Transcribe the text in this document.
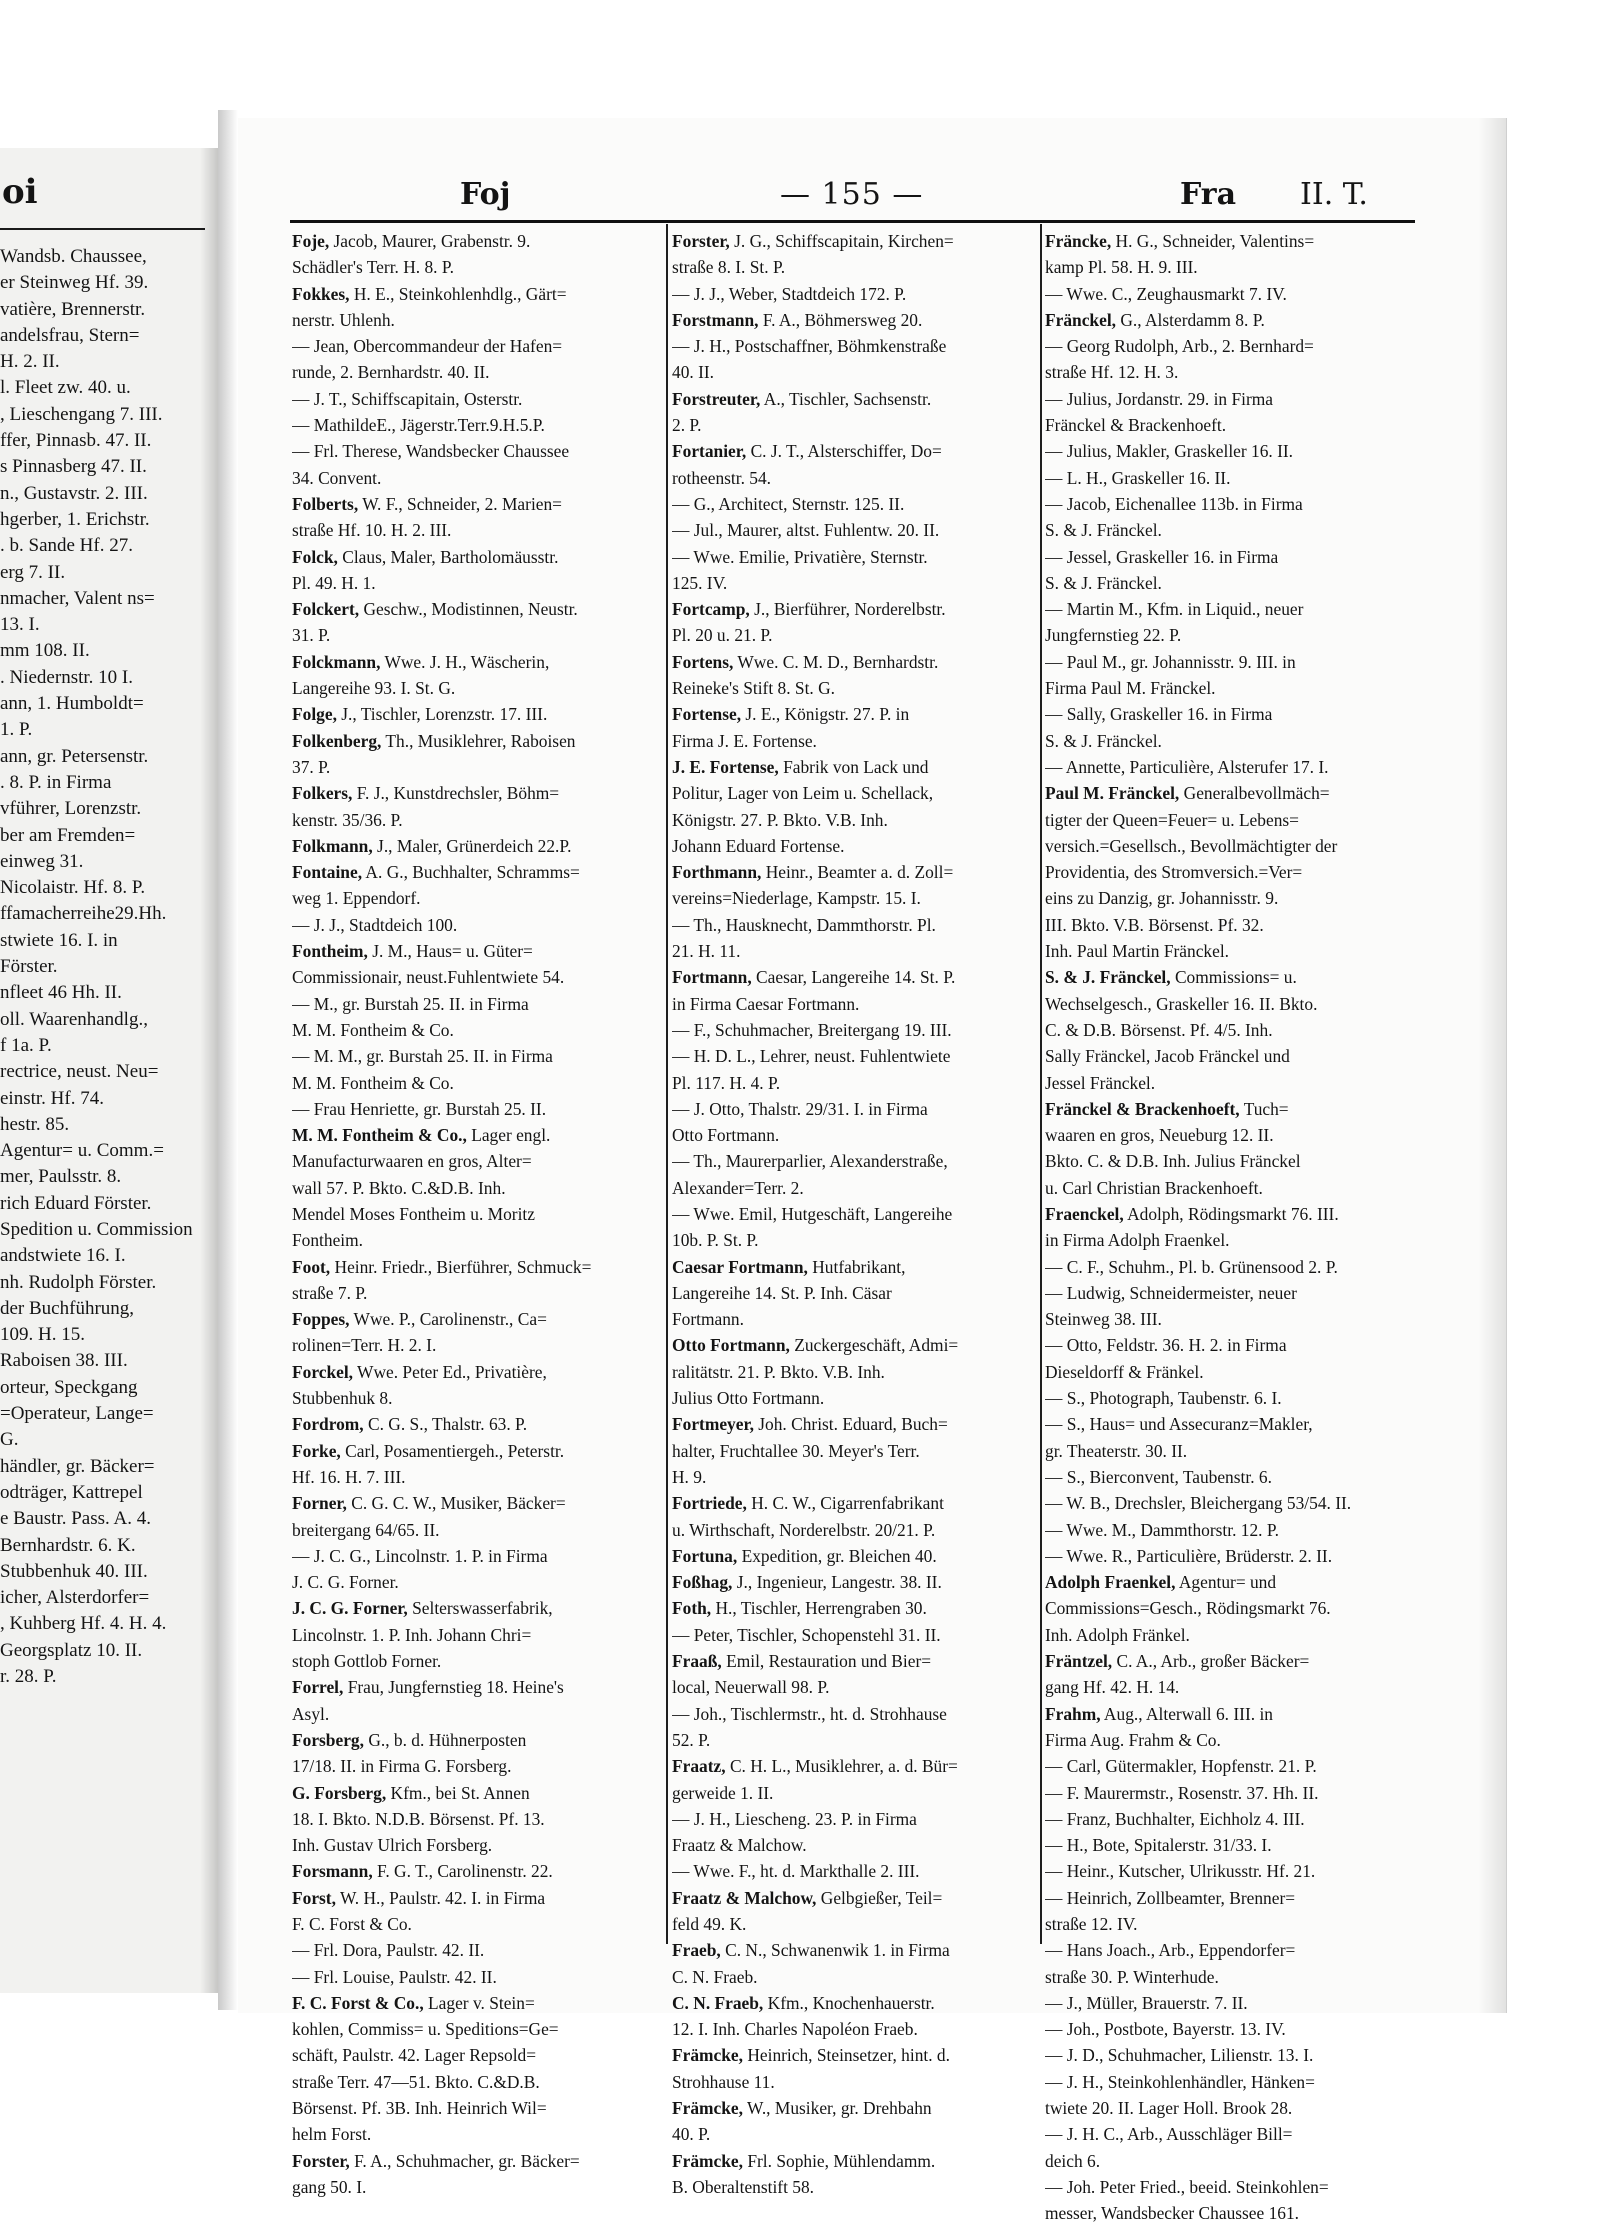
oi
Wandsb. Chaussee,
er Steinweg Hf. 39.
vatière, Brennerstr.
andelsfrau, Stern=
H. 2. II.
l. Fleet zw. 40. u.
, Lieschengang 7. III.
ffer, Pinnasb. 47. II.
s Pinnasberg 47. II.
n., Gustavstr. 2. III.
hgerber, 1. Erichstr.
. b. Sande Hf. 27.
erg 7. II.
nmacher, Valent ns=
13. I.
mm 108. II.
. Niedernstr. 10 I.
ann, 1. Humboldt=
1. P.
ann, gr. Petersenstr.
. 8. P. in Firma
vführer, Lorenzstr.
ber am Fremden=
einweg 31.
Nicolaistr. Hf. 8. P.
ffamacherreihe29.Hh.
stwiete 16. I. in
Förster.
nfleet 46 Hh. II.
oll. Waarenhandlg.,
f 1a. P.
rectrice, neust. Neu=
einstr. Hf. 74.
hestr. 85.
Agentur= u. Comm.=
mer, Paulsstr. 8.
rich Eduard Förster.
Spedition u. Commission
andstwiete 16. I.
nh. Rudolph Förster.
der Buchführung,
109. H. 15.
Raboisen 38. III.
orteur, Speckgang
=Operateur, Lange=
G.
händler, gr. Bäcker=
odträger, Kattrepel
e Baustr. Pass. A. 4.
Bernhardstr. 6. K.
Stubbenhuk 40. III.
icher, Alsterdorfer=
, Kuhberg Hf. 4. H. 4.
Georgsplatz 10. II.
r. 28. P.
Foj	— 155 —	Fra II. T.
Foje, Jacob, Maurer, Grabenstr. 9.
Schädler's Terr. H. 8. P.
Fokkes, H. E., Steinkohlenhdlg., Gärt=
nerstr. Uhlenh.
— Jean, Obercommandeur der Hafen=
runde, 2. Bernhardstr. 40. II.
— J. T., Schiffscapitain, Osterstr.
— MathildeE., Jägerstr.Terr.9.H.5.P.
— Frl. Therese, Wandsbecker Chaussee
34. Convent.
Folberts, W. F., Schneider, 2. Marien=
straße Hf. 10. H. 2. III.
Folck, Claus, Maler, Bartholomäusstr.
Pl. 49. H. 1.
Folckert, Geschw., Modistinnen, Neustr.
31. P.
Folckmann, Wwe. J. H., Wäscherin,
Langereihe 93. I. St. G.
Folge, J., Tischler, Lorenzstr. 17. III.
Folkenberg, Th., Musiklehrer, Raboisen
37. P.
Folkers, F. J., Kunstdrechsler, Böhm=
kenstr. 35/36. P.
Folkmann, J., Maler, Grünerdeich 22.P.
Fontaine, A. G., Buchhalter, Schramms=
weg 1. Eppendorf.
— J. J., Stadtdeich 100.
Fontheim, J. M., Haus= u. Güter=
Commissionair, neust.Fuhlentwiete 54.
— M., gr. Burstah 25. II. in Firma
M. M. Fontheim & Co.
— M. M., gr. Burstah 25. II. in Firma
M. M. Fontheim & Co.
— Frau Henriette, gr. Burstah 25. II.
M. M. Fontheim & Co., Lager engl.
Manufacturwaaren en gros, Alter=
wall 57. P. Bkto. C.&D.B. Inh.
Mendel Moses Fontheim u. Moritz
Fontheim.
Foot, Heinr. Friedr., Bierführer, Schmuck=
straße 7. P.
Foppes, Wwe. P., Carolinenstr., Ca=
rolinen=Terr. H. 2. I.
Forckel, Wwe. Peter Ed., Privatière,
Stubbenhuk 8.
Fordrom, C. G. S., Thalstr. 63. P.
Forke, Carl, Posamentiergeh., Peterstr.
Hf. 16. H. 7. III.
Forner, C. G. C. W., Musiker, Bäcker=
breitergang 64/65. II.
— J. C. G., Lincolnstr. 1. P. in Firma
J. C. G. Forner.
J. C. G. Forner, Selterswasserfabrik,
Lincolnstr. 1. P. Inh. Johann Chri=
stoph Gottlob Forner.
Forrel, Frau, Jungfernstieg 18. Heine's
Asyl.
Forsberg, G., b. d. Hühnerposten
17/18. II. in Firma G. Forsberg.
G. Forsberg, Kfm., bei St. Annen
18. I. Bkto. N.D.B. Börsenst. Pf. 13.
Inh. Gustav Ulrich Forsberg.
Forsmann, F. G. T., Carolinenstr. 22.
Forst, W. H., Paulstr. 42. I. in Firma
F. C. Forst & Co.
— Frl. Dora, Paulstr. 42. II.
— Frl. Louise, Paulstr. 42. II.
F. C. Forst & Co., Lager v. Stein=
kohlen, Commiss= u. Speditions=Ge=
schäft, Paulstr. 42. Lager Repsold=
straße Terr. 47—51. Bkto. C.&D.B.
Börsenst. Pf. 3B. Inh. Heinrich Wil=
helm Forst.
Forster, F. A., Schuhmacher, gr. Bäcker=
gang 50. I.
Forster, J. G., Schiffscapitain, Kirchen=
straße 8. I. St. P.
— J. J., Weber, Stadtdeich 172. P.
Forstmann, F. A., Böhmersweg 20.
— J. H., Postschaffner, Böhmkenstraße
40. II.
Forstreuter, A., Tischler, Sachsenstr.
2. P.
Fortanier, C. J. T., Alsterschiffer, Do=
rotheenstr. 54.
— G., Architect, Sternstr. 125. II.
— Jul., Maurer, altst. Fuhlentw. 20. II.
— Wwe. Emilie, Privatière, Sternstr.
125. IV.
Fortcamp, J., Bierführer, Norderelbstr.
Pl. 20 u. 21. P.
Fortens, Wwe. C. M. D., Bernhardstr.
Reineke's Stift 8. St. G.
Fortense, J. E., Königstr. 27. P. in
Firma J. E. Fortense.
J. E. Fortense, Fabrik von Lack und
Politur, Lager von Leim u. Schellack,
Königstr. 27. P. Bkto. V.B. Inh.
Johann Eduard Fortense.
Forthmann, Heinr., Beamter a. d. Zoll=
vereins=Niederlage, Kampstr. 15. I.
— Th., Hausknecht, Dammthorstr. Pl.
21. H. 11.
Fortmann, Caesar, Langereihe 14. St. P.
in Firma Caesar Fortmann.
— F., Schuhmacher, Breitergang 19. III.
— H. D. L., Lehrer, neust. Fuhlentwiete
Pl. 117. H. 4. P.
— J. Otto, Thalstr. 29/31. I. in Firma
Otto Fortmann.
— Th., Maurerparlier, Alexanderstraße,
Alexander=Terr. 2.
— Wwe. Emil, Hutgeschäft, Langereihe
10b. P. St. P.
Caesar Fortmann, Hutfabrikant,
Langereihe 14. St. P. Inh. Cäsar
Fortmann.
Otto Fortmann, Zuckergeschäft, Admi=
ralitätstr. 21. P. Bkto. V.B. Inh.
Julius Otto Fortmann.
Fortmeyer, Joh. Christ. Eduard, Buch=
halter, Fruchtallee 30. Meyer's Terr.
H. 9.
Fortriede, H. C. W., Cigarrenfabrikant
u. Wirthschaft, Norderelbstr. 20/21. P.
Fortuna, Expedition, gr. Bleichen 40.
Foßhag, J., Ingenieur, Langestr. 38. II.
Foth, H., Tischler, Herrengraben 30.
— Peter, Tischler, Schopenstehl 31. II.
Fraaß, Emil, Restauration und Bier=
local, Neuerwall 98. P.
— Joh., Tischlermstr., ht. d. Strohhause
52. P.
Fraatz, C. H. L., Musiklehrer, a. d. Bür=
gerweide 1. II.
— J. H., Liescheng. 23. P. in Firma
Fraatz & Malchow.
— Wwe. F., ht. d. Markthalle 2. III.
Fraatz & Malchow, Gelbgießer, Teil=
feld 49. K.
Fraeb, C. N., Schwanenwik 1. in Firma
C. N. Fraeb.
C. N. Fraeb, Kfm., Knochenhauerstr.
12. I. Inh. Charles Napoléon Fraeb.
Främcke, Heinrich, Steinsetzer, hint. d.
Strohhause 11.
Främcke, W., Musiker, gr. Drehbahn
40. P.
Främcke, Frl. Sophie, Mühlendamm.
B. Oberaltenstift 58.
Fräncke, H. G., Schneider, Valentins=
kamp Pl. 58. H. 9. III.
— Wwe. C., Zeughausmarkt 7. IV.
Fränckel, G., Alsterdamm 8. P.
— Georg Rudolph, Arb., 2. Bernhard=
straße Hf. 12. H. 3.
— Julius, Jordanstr. 29. in Firma
Fränckel & Brackenhoeft.
— Julius, Makler, Graskeller 16. II.
— L. H., Graskeller 16. II.
— Jacob, Eichenallee 113b. in Firma
S. & J. Fränckel.
— Jessel, Graskeller 16. in Firma
S. & J. Fränckel.
— Martin M., Kfm. in Liquid., neuer
Jungfernstieg 22. P.
— Paul M., gr. Johannisstr. 9. III. in
Firma Paul M. Fränckel.
— Sally, Graskeller 16. in Firma
S. & J. Fränckel.
— Annette, Particulière, Alsterufer 17. I.
Paul M. Fränckel, Generalbevollmäch=
tigter der Queen=Feuer= u. Lebens=
versich.=Gesellsch., Bevollmächtigter der
Providentia, des Stromversich.=Ver=
eins zu Danzig, gr. Johannisstr. 9.
III. Bkto. V.B. Börsenst. Pf. 32.
Inh. Paul Martin Fränckel.
S. & J. Fränckel, Commissions= u.
Wechselgesch., Graskeller 16. II. Bkto.
C. & D.B. Börsenst. Pf. 4/5. Inh.
Sally Fränckel, Jacob Fränckel und
Jessel Fränckel.
Fränckel & Brackenhoeft, Tuch=
waaren en gros, Neueburg 12. II.
Bkto. C. & D.B. Inh. Julius Fränckel
u. Carl Christian Brackenhoeft.
Fraenckel, Adolph, Rödingsmarkt 76. III.
in Firma Adolph Fraenkel.
— C. F., Schuhm., Pl. b. Grünensood 2. P.
— Ludwig, Schneidermeister, neuer
Steinweg 38. III.
— Otto, Feldstr. 36. H. 2. in Firma
Dieseldorff & Fränkel.
— S., Photograph, Taubenstr. 6. I.
— S., Haus= und Assecuranz=Makler,
gr. Theaterstr. 30. II.
— S., Bierconvent, Taubenstr. 6.
— W. B., Drechsler, Bleichergang 53/54. II.
— Wwe. M., Dammthorstr. 12. P.
— Wwe. R., Particulière, Brüderstr. 2. II.
Adolph Fraenkel, Agentur= und
Commissions=Gesch., Rödingsmarkt 76.
Inh. Adolph Fränkel.
Fräntzel, C. A., Arb., großer Bäcker=
gang Hf. 42. H. 14.
Frahm, Aug., Alterwall 6. III. in
Firma Aug. Frahm & Co.
— Carl, Gütermakler, Hopfenstr. 21. P.
— F. Maurermstr., Rosenstr. 37. Hh. II.
— Franz, Buchhalter, Eichholz 4. III.
— H., Bote, Spitalerstr. 31/33. I.
— Heinr., Kutscher, Ulrikusstr. Hf. 21.
— Heinrich, Zollbeamter, Brenner=
straße 12. IV.
— Hans Joach., Arb., Eppendorfer=
straße 30. P. Winterhude.
— J., Müller, Brauerstr. 7. II.
— Joh., Postbote, Bayerstr. 13. IV.
— J. D., Schuhmacher, Lilienstr. 13. I.
— J. H., Steinkohlenhändler, Hänken=
twiete 20. II. Lager Holl. Brook 28.
— J. H. C., Arb., Ausschläger Bill=
deich 6.
— Joh. Peter Fried., beeid. Steinkohlen=
messer, Wandsbecker Chaussee 161.
